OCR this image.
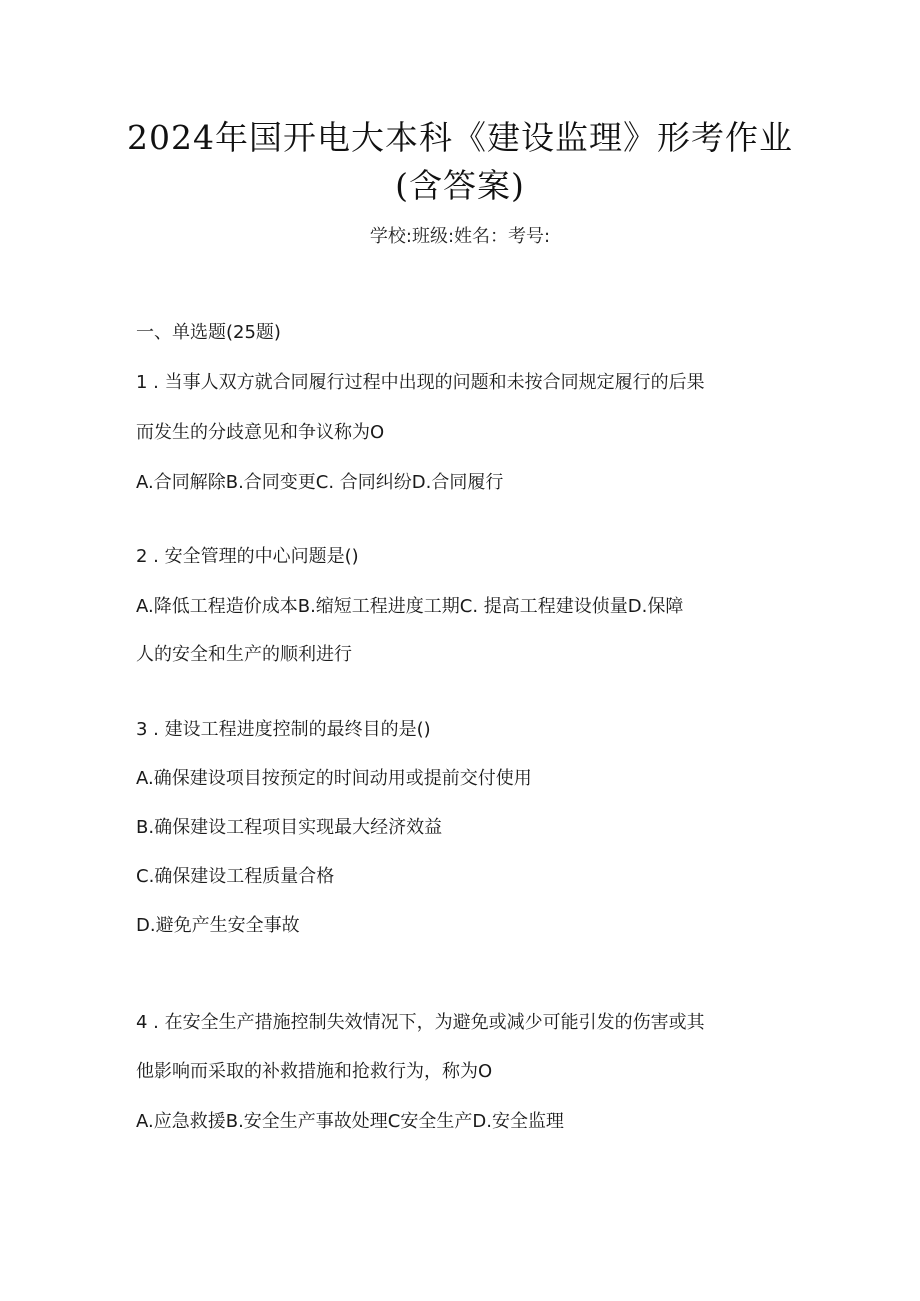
2024年国开电大本科《建设监理》形考作业
(含答案)
学校:班级:姓名：考号:
一、单选题(25题)
1 . 当事人双方就合同履行过程中出现的问题和未按合同规定履行的后果
而发生的分歧意见和争议称为O
A.合同解除B.合同变更C. 合同纠纷D.合同履行
2 . 安全管理的中心问题是()
A.降低工程造价成本B.缩短工程进度工期C. 提高工程建设侦量D.保障
人的安全和生产的顺利进行
3 . 建设工程进度控制的最终目的是()
A.确保建设项目按预定的时间动用或提前交付使用
B.确保建设工程项目实现最大经济效益
C.确保建设工程质量合格
D.避免产生安全事故
4 . 在安全生产措施控制失效情况下，为避免或减少可能引发的伤害或其
他影响而采取的补救措施和抢救行为，称为O
A.应急救援B.安全生产事故处理C安全生产D.安全监理
